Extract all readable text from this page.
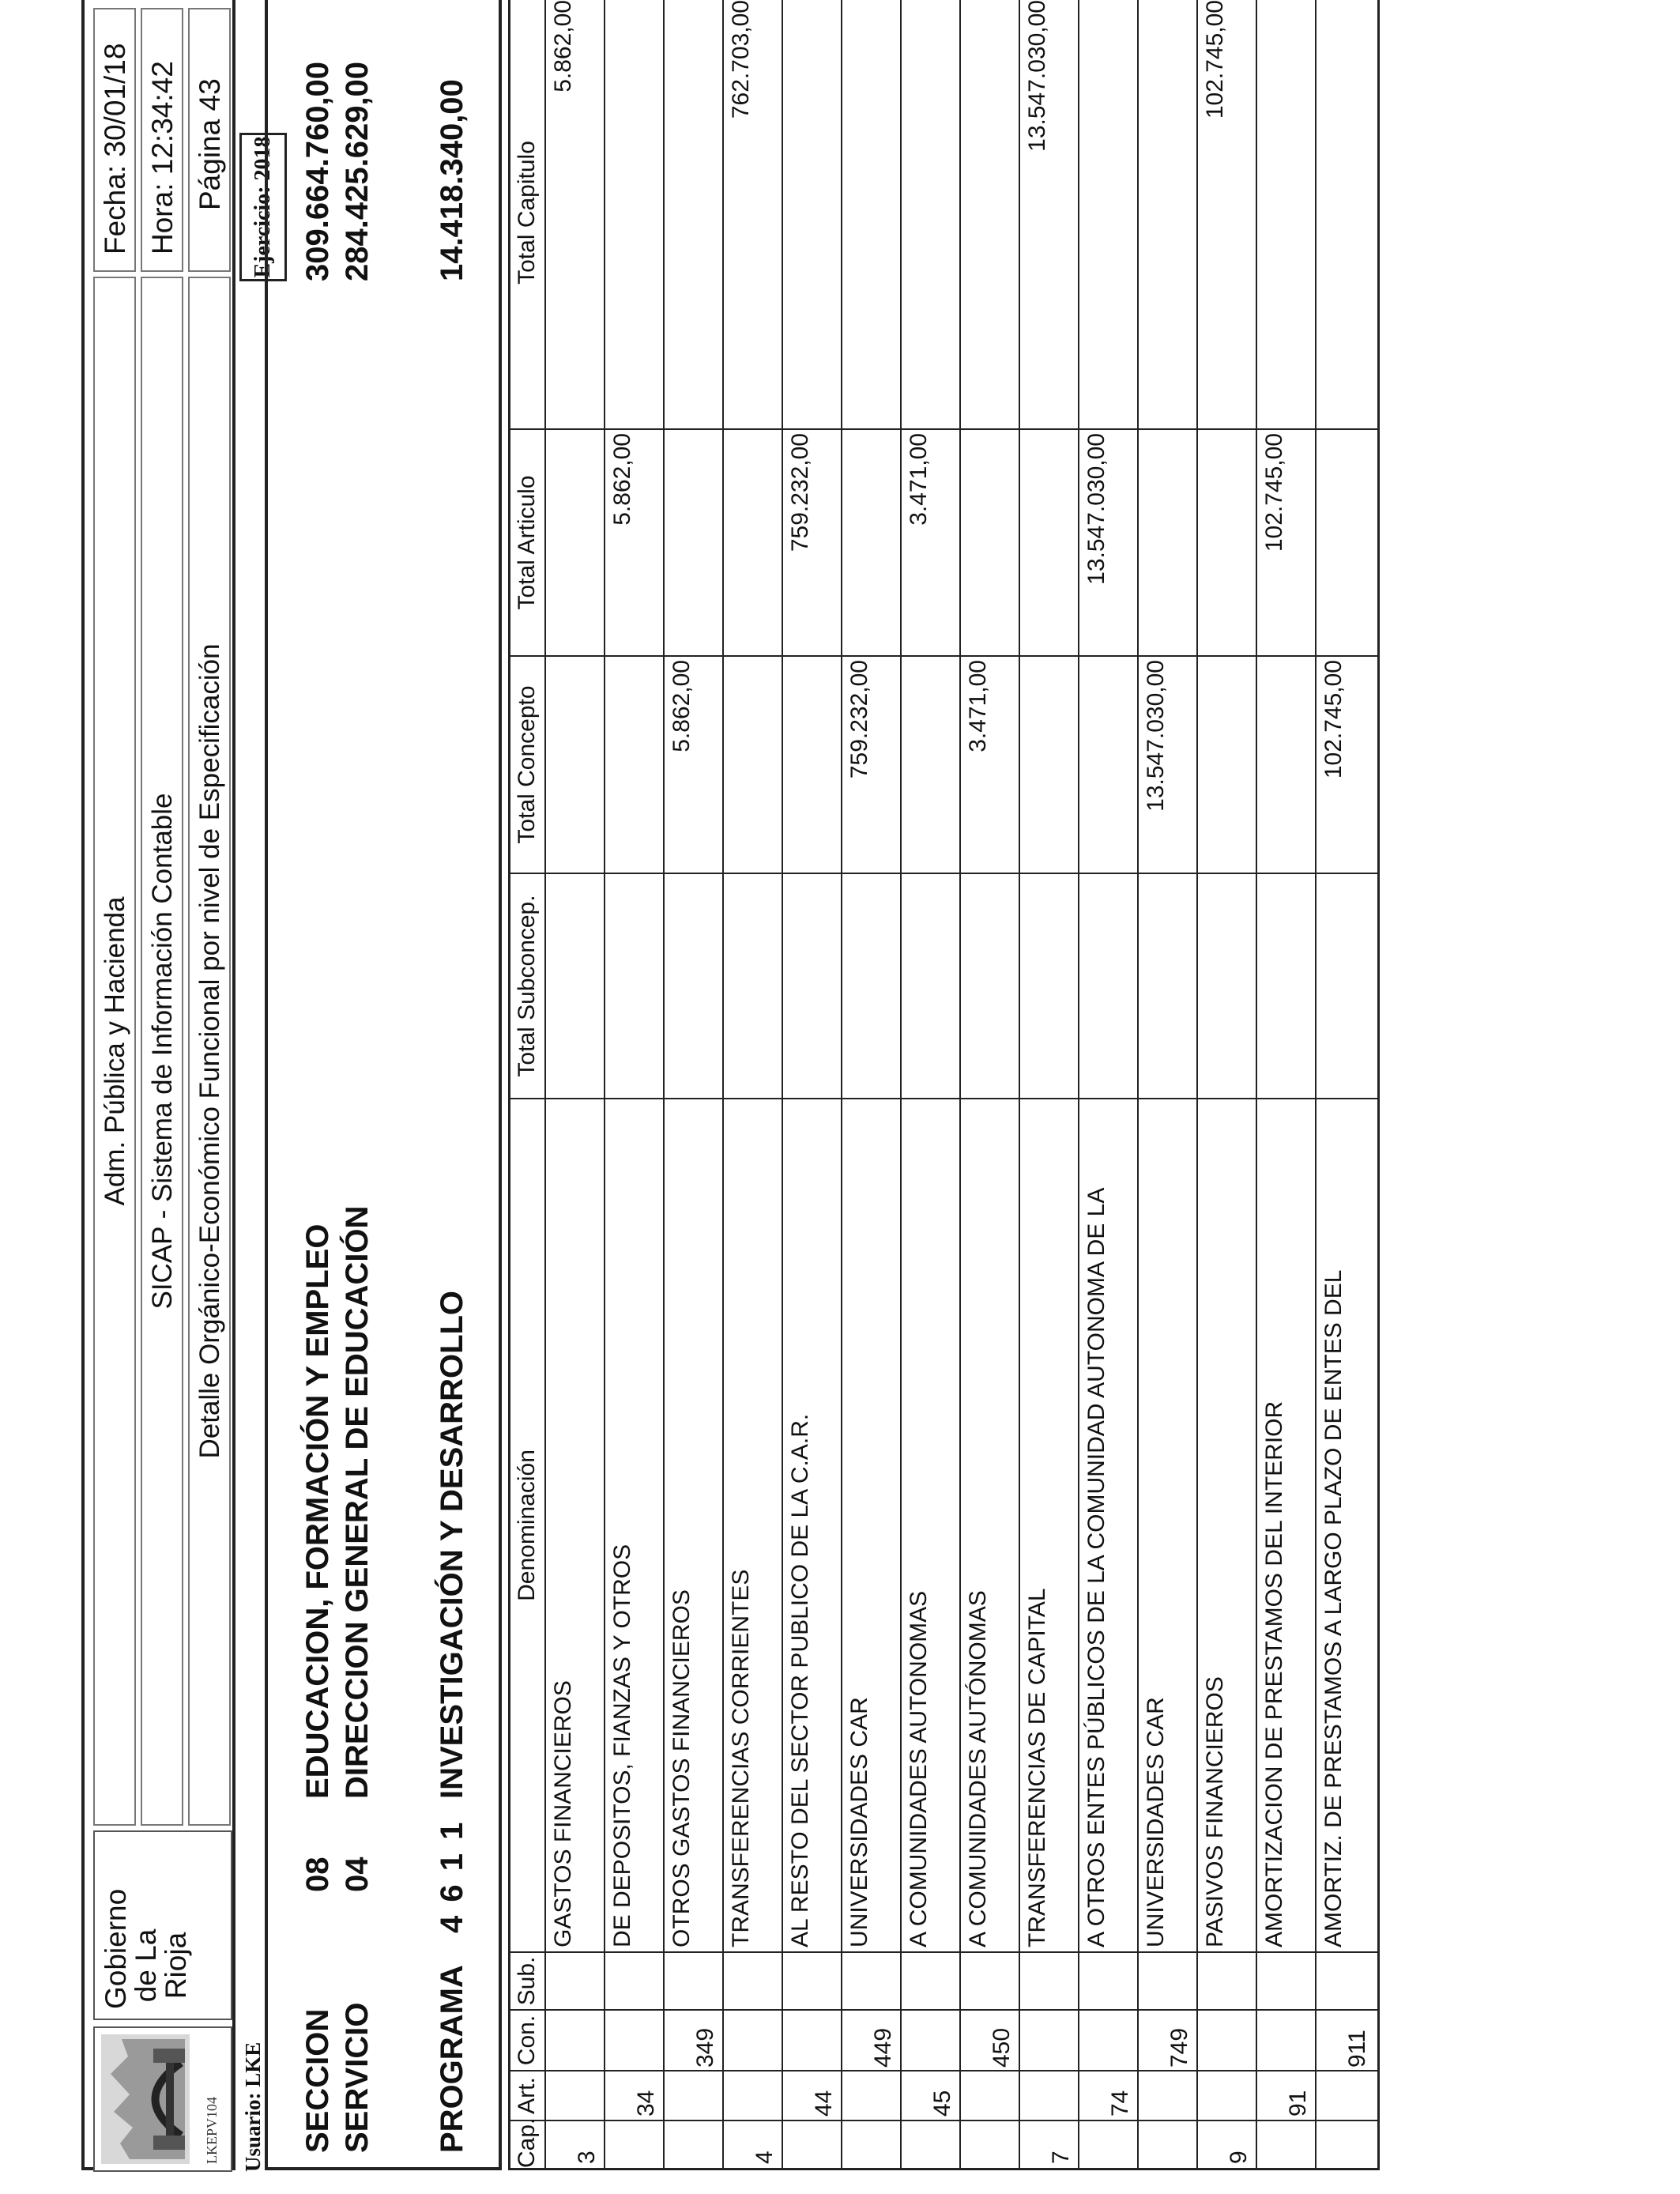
LKEPV104
Gobierno
de La
Rioja
Adm. Pública y Hacienda SICAP - Sistema de Información Contable Detalle Orgánico-Económico Funcional por nivel de Especificación
Fecha: 30/01/18 Hora: 12:34:42 Página 43
Usuario: LKE
Ejercicio: 2018
SECCION
08
EDUCACION, FORMACIÓN Y EMPLEO
309.664.760,00
SERVICIO
04
DIRECCION GENERAL DE EDUCACIÓN
284.425.629,00
PROGRAMA
4 6 1 1
INVESTIGACIÓN Y DESARROLLO
14.418.340,00
Cap.
Art.
Con.
Sub.
Denominación
Total Subconcep.
Total Concepto
Total Articulo
Total Capitulo
3
GASTOS FINANCIEROS
5.862,00
34
DE DEPOSITOS, FIANZAS Y OTROS
5.862,00
349
OTROS GASTOS FINANCIEROS
5.862,00
4
TRANSFERENCIAS CORRIENTES
762.703,00
44
AL RESTO DEL SECTOR PUBLICO DE LA C.A.R.
759.232,00
449
UNIVERSIDADES CAR
759.232,00
45
A COMUNIDADES AUTONOMAS
3.471,00
450
A COMUNIDADES AUTÓNOMAS
3.471,00
7
TRANSFERENCIAS DE CAPITAL
13.547.030,00
74
A OTROS ENTES PÚBLICOS DE LA COMUNIDAD AUTONOMA DE LA
13.547.030,00
749
UNIVERSIDADES CAR
13.547.030,00
9
PASIVOS FINANCIEROS
102.745,00
91
AMORTIZACION DE PRESTAMOS DEL INTERIOR
102.745,00
911
AMORTIZ. DE PRESTAMOS A LARGO PLAZO DE ENTES DEL
102.745,00
